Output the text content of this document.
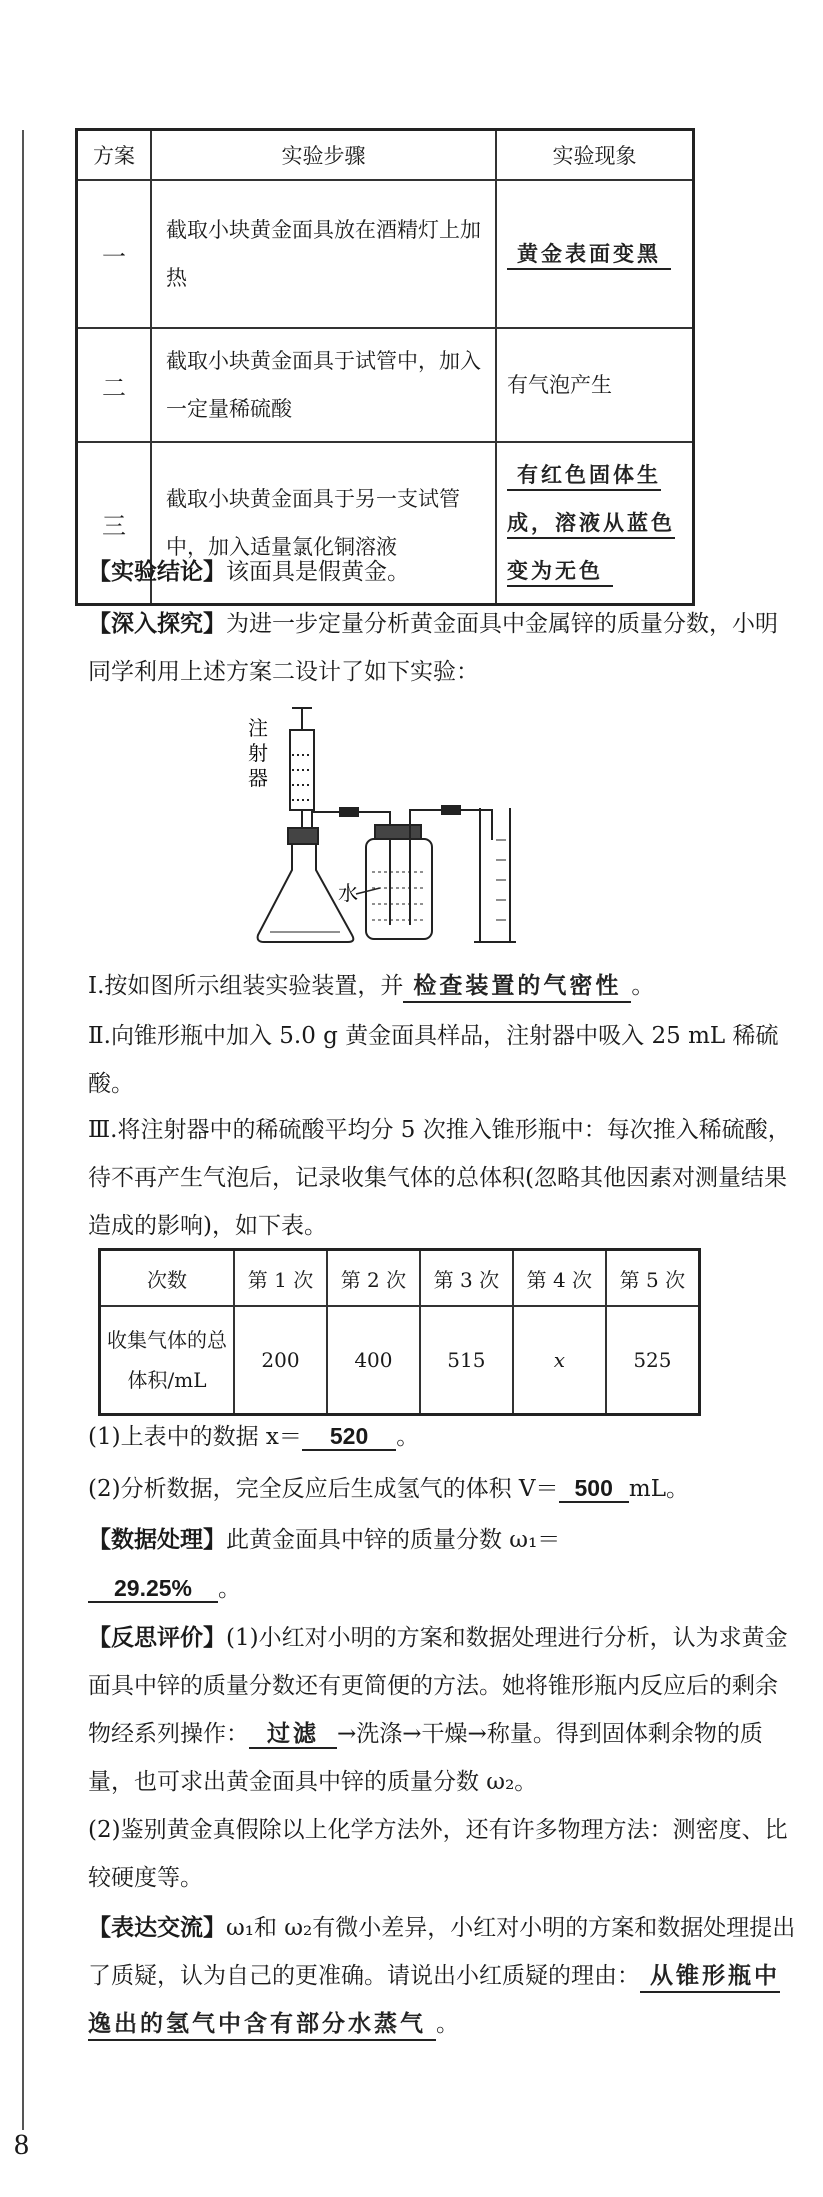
方案	实验步骤	实验现象
一	截取小块黄金面具放在酒精灯上加热	黄金表面变黑
二	截取小块黄金面具于试管中，加入一定量稀硫酸	有气泡产生
三	截取小块黄金面具于另一支试管中，加入适量氯化铜溶液	有红色固体生成，溶液从蓝色变为无色
【实验结论】该面具是假黄金。
【深入探究】为进一步定量分析黄金面具中金属锌的质量分数，小明同学利用上述方案二设计了如下实验：
注
射
器
水
Ⅰ.按如图所示组装实验装置，并 检查装置的气密性 。
Ⅱ.向锥形瓶中加入 5.0 g 黄金面具样品，注射器中吸入 25 mL 稀硫酸。
Ⅲ.将注射器中的稀硫酸平均分 5 次推入锥形瓶中：每次推入稀硫酸，待不再产生气泡后，记录收集气体的总体积(忽略其他因素对测量结果造成的影响)，如下表。
次数	第 1 次	第 2 次	第 3 次	第 4 次	第 5 次
收集气体的总体积/mL	200	400	515	x	525
(1)上表中的数据 x＝ 520 。
(2)分析数据，完全反应后生成氢气的体积 V＝ 500 mL。
【数据处理】此黄金面具中锌的质量分数 ω₁＝
29.25% 。
【反思评价】(1)小红对小明的方案和数据处理进行分析，认为求黄金面具中锌的质量分数还有更简便的方法。她将锥形瓶内反应后的剩余物经系列操作： 过滤 →洗涤→干燥→称量。得到固体剩余物的质量，也可求出黄金面具中锌的质量分数 ω₂。
(2)鉴别黄金真假除以上化学方法外，还有许多物理方法：测密度、比较硬度等。
【表达交流】ω₁和 ω₂有微小差异，小红对小明的方案和数据处理提出了质疑，认为自己的更准确。请说出小红质疑的理由： 从锥形瓶中逸出的氢气中含有部分水蒸气 。
8
